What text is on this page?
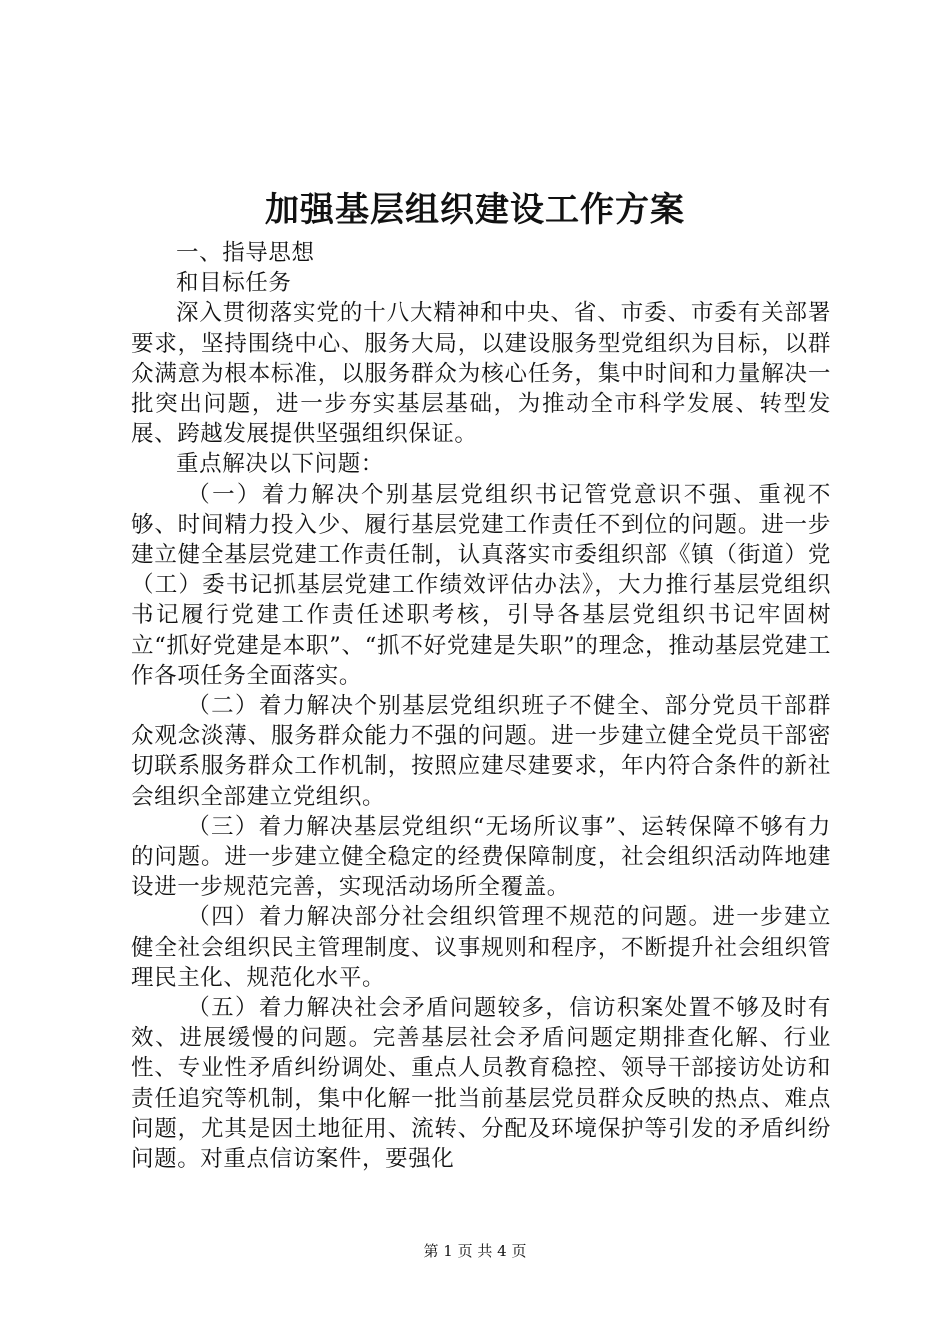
加强基层组织建设工作方案

一、指导思想

和目标任务

深入贯彻落实党的十八大精神和中央、省、市委、市委有关部署要求，坚持围绕中心、服务大局，以建设服务型党组织为目标，以群众满意为根本标准，以服务群众为核心任务，集中时间和力量解决一批突出问题，进一步夯实基层基础，为推动全市科学发展、转型发展、跨越发展提供坚强组织保证。

重点解决以下问题：

（一）着力解决个别基层党组织书记管党意识不强、重视不够、时间精力投入少、履行基层党建工作责任不到位的问题。进一步建立健全基层党建工作责任制，认真落实市委组织部《镇（街道）党（工）委书记抓基层党建工作绩效评估办法》，大力推行基层党组织书记履行党建工作责任述职考核，引导各基层党组织书记牢固树立“抓好党建是本职”、“抓不好党建是失职”的理念，推动基层党建工作各项任务全面落实。

（二）着力解决个别基层党组织班子不健全、部分党员干部群众观念淡薄、服务群众能力不强的问题。进一步建立健全党员干部密切联系服务群众工作机制，按照应建尽建要求，年内符合条件的新社会组织全部建立党组织。

（三）着力解决基层党组织“无场所议事”、运转保障不够有力的问题。进一步建立健全稳定的经费保障制度，社会组织活动阵地建设进一步规范完善，实现活动场所全覆盖。

（四）着力解决部分社会组织管理不规范的问题。进一步建立健全社会组织民主管理制度、议事规则和程序，不断提升社会组织管理民主化、规范化水平。

（五）着力解决社会矛盾问题较多，信访积案处置不够及时有效、进展缓慢的问题。完善基层社会矛盾问题定期排查化解、行业性、专业性矛盾纠纷调处、重点人员教育稳控、领导干部接访处访和责任追究等机制，集中化解一批当前基层党员群众反映的热点、难点问题，尤其是因土地征用、流转、分配及环境保护等引发的矛盾纠纷问题。对重点信访案件，要强化

第 1 页 共 4 页
